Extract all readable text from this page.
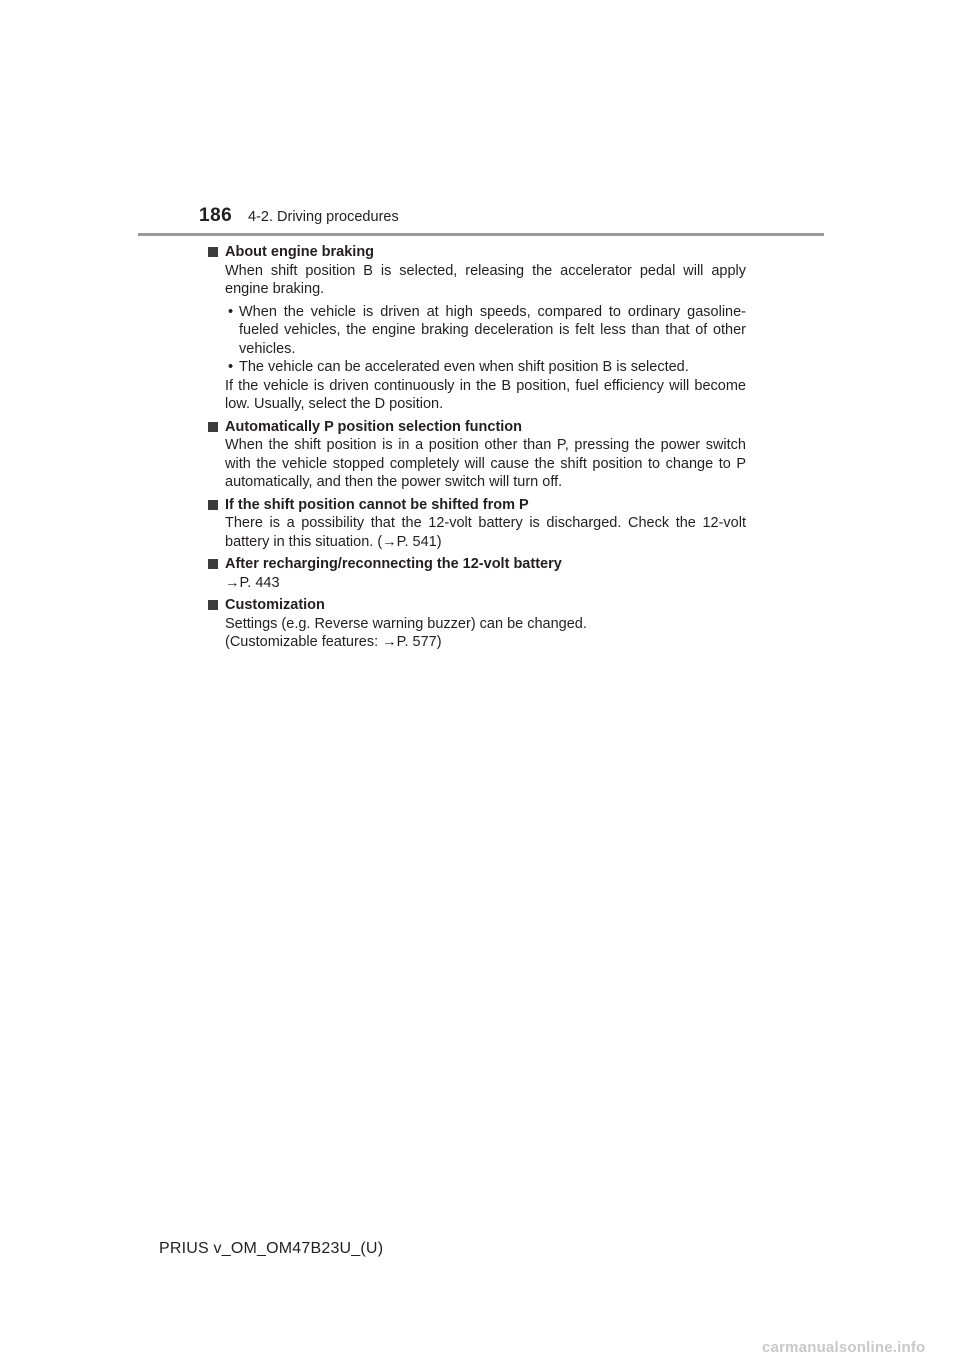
186 4-2. Driving procedures
About engine braking
When shift position B is selected, releasing the accelerator pedal will apply engine braking.
• When the vehicle is driven at high speeds, compared to ordinary gasoline-fueled vehicles, the engine braking deceleration is felt less than that of other vehicles.
• The vehicle can be accelerated even when shift position B is selected.
If the vehicle is driven continuously in the B position, fuel efficiency will become low. Usually, select the D position.
Automatically P position selection function
When the shift position is in a position other than P, pressing the power switch with the vehicle stopped completely will cause the shift position to change to P automatically, and then the power switch will turn off.
If the shift position cannot be shifted from P
There is a possibility that the 12-volt battery is discharged. Check the 12-volt battery in this situation. (→P. 541)
After recharging/reconnecting the 12-volt battery
→P. 443
Customization
Settings (e.g. Reverse warning buzzer) can be changed.
(Customizable features: →P. 577)
PRIUS v_OM_OM47B23U_(U)
carmanualsonline.info
